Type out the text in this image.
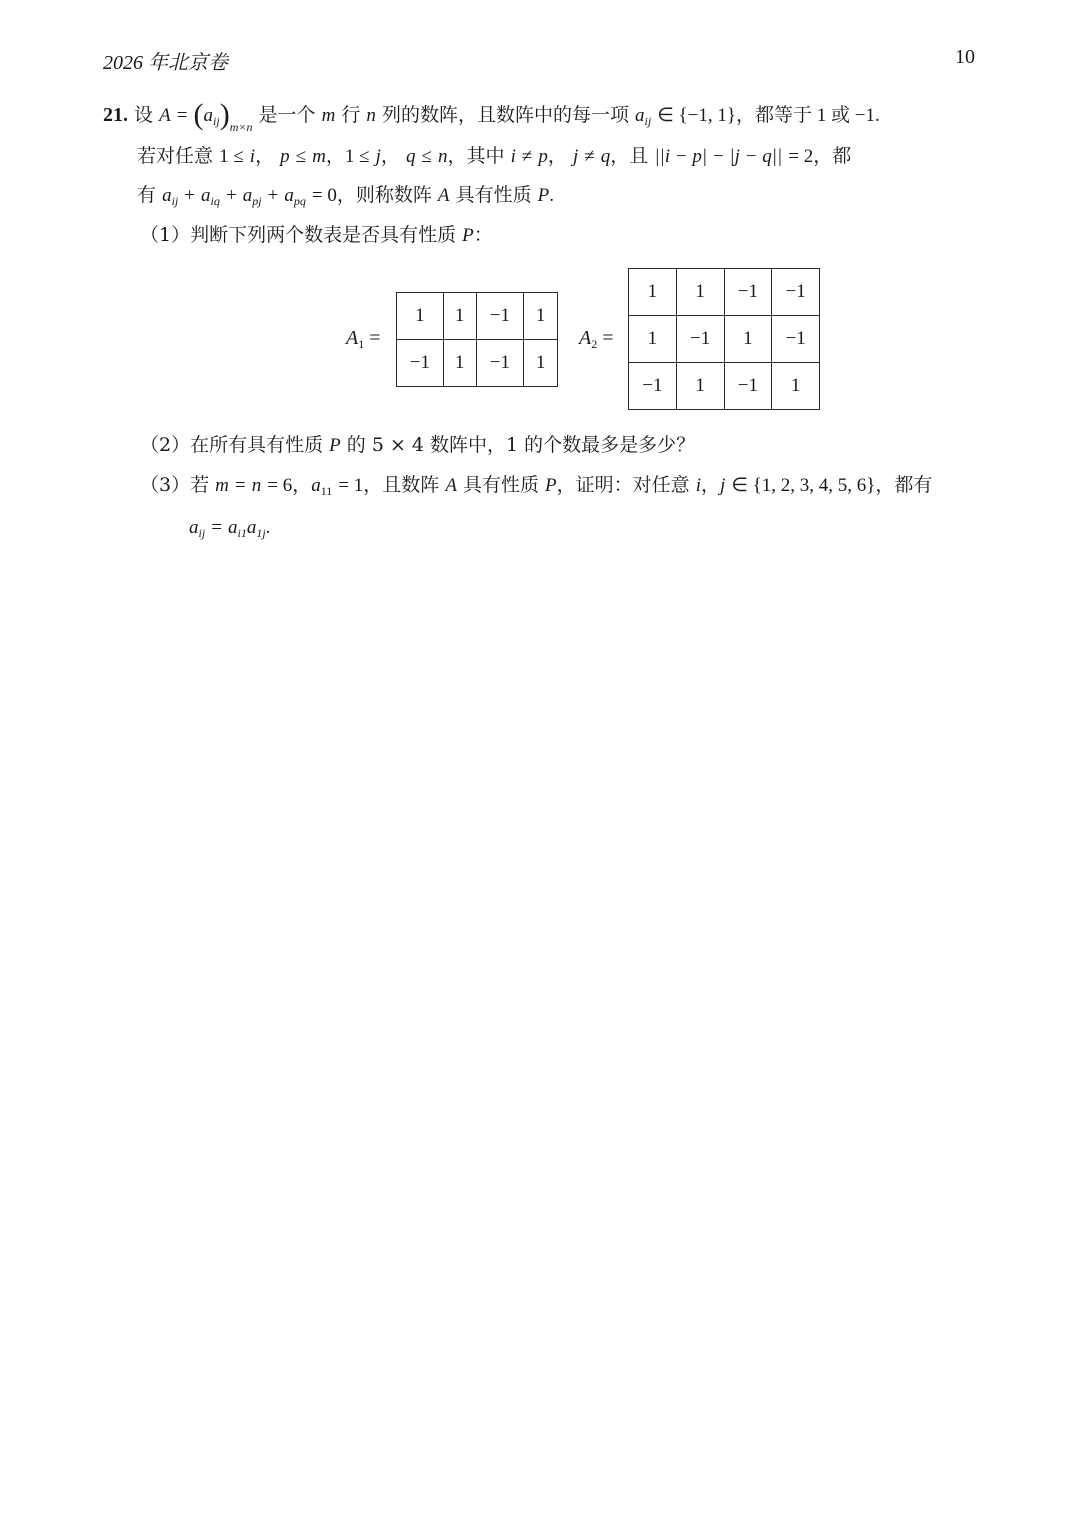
2026 年北京卷	10
21. 设 $A = (a_{ij})_{m\times n}$ 是一个 m 行 n 列的数阵，且数阵中的每一项 $a_{ij}$ ∈ {−1, 1}，都等于 1 或 −1.
若对任意 1 ≤ i， p ≤ m，1 ≤ j， q ≤ n，其中 i ≠ p， j ≠ q，且 ||i − p| − |j − q|| = 2，都
有 $a_{ij} + a_{iq} + a_{pj} + a_{pq} = 0$，则称数阵 A 具有性质 P.
（1）判断下列两个数表是否具有性质 P：
$A_1$ =
1	1	−1	1
−1	1	−1	1
$A_2$ =
1	1	−1	−1
1	−1	1	−1
−1	1	−1	1
（2）在所有具有性质 P 的 5 × 4 数阵中，1 的个数最多是多少？
（3）若 m = n = 6，$a_{11} = 1$，且数阵 A 具有性质 P，证明：对任意 i，j ∈ {1, 2, 3, 4, 5, 6}，都有
$a_{ij} = a_{i1}a_{1j}$.
